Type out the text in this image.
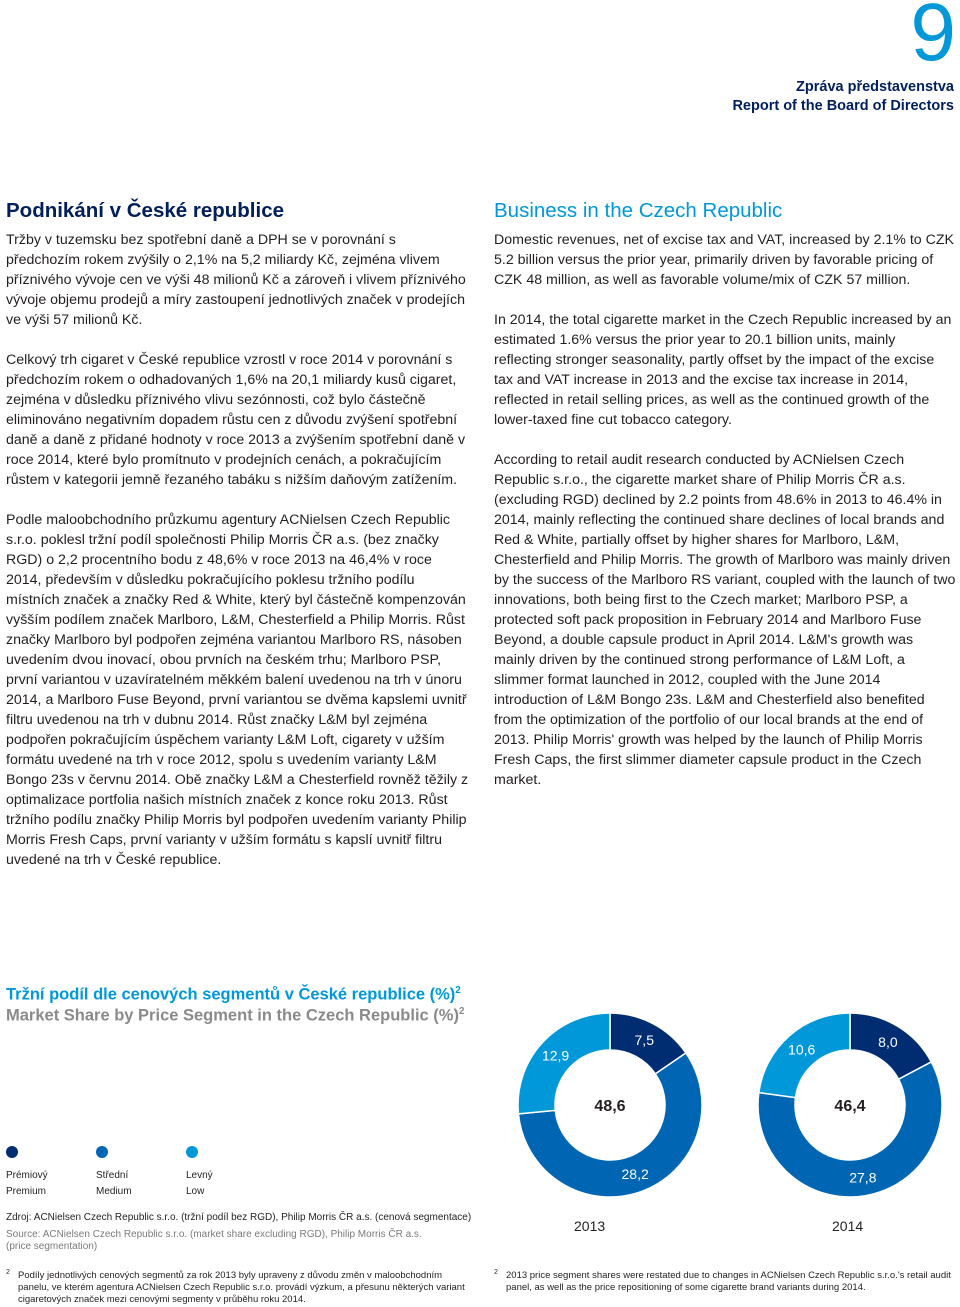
9
Zpráva představenstva
Report of the Board of Directors
Podnikání v České republice

Tržby v tuzemsku bez spotřební daně a DPH se v porovnání s předchozím rokem zvýšily o 2,1% na 5,2 miliardy Kč, zejména vlivem příznivého vývoje cen ve výši 48 milionů Kč a zároveň i vlivem příznivého vývoje objemu prodejů a míry zastoupení jednotlivých značek v prodejích ve výši 57 milionů Kč.

Celkový trh cigaret v České republice vzrostl v roce 2014 v porovnání s předchozím rokem o odhadovaných 1,6% na 20,1 miliardy kusů cigaret, zejména v důsledku příznivého vlivu sezónnosti, což bylo částečně eliminováno negativním dopadem růstu cen z důvodu zvýšení spotřební daně a daně z přidané hodnoty v roce 2013 a zvýšením spotřební daně v roce 2014, které bylo promítnuto v prodejních cenách, a pokračujícím růstem v kategorii jemně řezaného tabáku s nižším daňovým zatížením.

Podle maloobchodního průzkumu agentury ACNielsen Czech Republic s.r.o. poklesl tržní podíl společnosti Philip Morris ČR a.s. (bez značky RGD) o 2,2 procentního bodu z 48,6% v roce 2013 na 46,4% v roce 2014, především v důsledku pokračujícího poklesu tržního podílu místních značek a značky Red & White, který byl částečně kompenzován vyšším podílem značek Marlboro, L&M, Chesterfield a Philip Morris. Růst značky Marlboro byl podpořen zejména variantou Marlboro RS, násoben uvedením dvou inovací, obou prvních na českém trhu; Marlboro PSP, první variantou v uzavíratelném měkkém balení uvedenou na trh v únoru 2014, a Marlboro Fuse Beyond, první variantou se dvěma kapslemi uvnitř filtru uvedenou na trh v dubnu 2014. Růst značky L&M byl zejména podpořen pokračujícím úspěchem varianty L&M Loft, cigarety v užším formátu uvedené na trh v roce 2012, spolu s uvedením varianty L&M Bongo 23s v červnu 2014. Obě značky L&M a Chesterfield rovněž těžily z optimalizace portfolia našich místních značek z konce roku 2013. Růst tržního podílu značky Philip Morris byl podpořen uvedením varianty Philip Morris Fresh Caps, první varianty v užším formátu s kapslí uvnitř filtru uvedené na trh v České republice.

Business in the Czech Republic

Domestic revenues, net of excise tax and VAT, increased by 2.1% to CZK 5.2 billion versus the prior year, primarily driven by favorable pricing of CZK 48 million, as well as favorable volume/mix of CZK 57 million.

In 2014, the total cigarette market in the Czech Republic increased by an estimated 1.6% versus the prior year to 20.1 billion units, mainly reflecting stronger seasonality, partly offset by the impact of the excise tax and VAT increase in 2013 and the excise tax increase in 2014, reflected in retail selling prices, as well as the continued growth of the lower-taxed fine cut tobacco category.

According to retail audit research conducted by ACNielsen Czech Republic s.r.o., the cigarette market share of Philip Morris ČR a.s. (excluding RGD) declined by 2.2 points from 48.6% in 2013 to 46.4% in 2014, mainly reflecting the continued share declines of local brands and Red & White, partially offset by higher shares for Marlboro, L&M, Chesterfield and Philip Morris. The growth of Marlboro was mainly driven by the success of the Marlboro RS variant, coupled with the launch of two innovations, both being first to the Czech market; Marlboro PSP, a protected soft pack proposition in February 2014 and Marlboro Fuse Beyond, a double capsule product in April 2014. L&M's growth was mainly driven by the continued strong performance of L&M Loft, a slimmer format launched in 2012, coupled with the June 2014 introduction of L&M Bongo 23s. L&M and Chesterfield also benefited from the optimization of the portfolio of our local brands at the end of 2013. Philip Morris' growth was helped by the launch of Philip Morris Fresh Caps, the first slimmer diameter capsule product in the Czech market.

Tržní podíl dle cenových segmentů v České republice (%)$^2$
Market Share by Price Segment in the Czech Republic (%)$^2$
Prémiový
Premium
Střední
Medium
Levný
Low
Zdroj: ACNielsen Czech Republic s.r.o. (tržní podíl bez RGD), Philip Morris ČR a.s. (cenová segmentace)
Source: ACNielsen Czech Republic s.r.o. (market share excluding RGD), Philip Morris ČR a.s. (price segmentation)
7,5
28,2
12,9
48,6
8,0
27,8
10,6
46,4
2013	2014
2 Podíly jednotlivých cenových segmentů za rok 2013 byly upraveny z důvodu změn v maloobchodním panelu, ve kterém agentura ACNielsen Czech Republic s.r.o. provádí výzkum, a přesunu některých variant cigaretových značek mezi cenovými segmenty v průběhu roku 2014.
2 2013 price segment shares were restated due to changes in ACNielsen Czech Republic s.r.o.'s retail audit panel, as well as the price repositioning of some cigarette brand variants during 2014.
